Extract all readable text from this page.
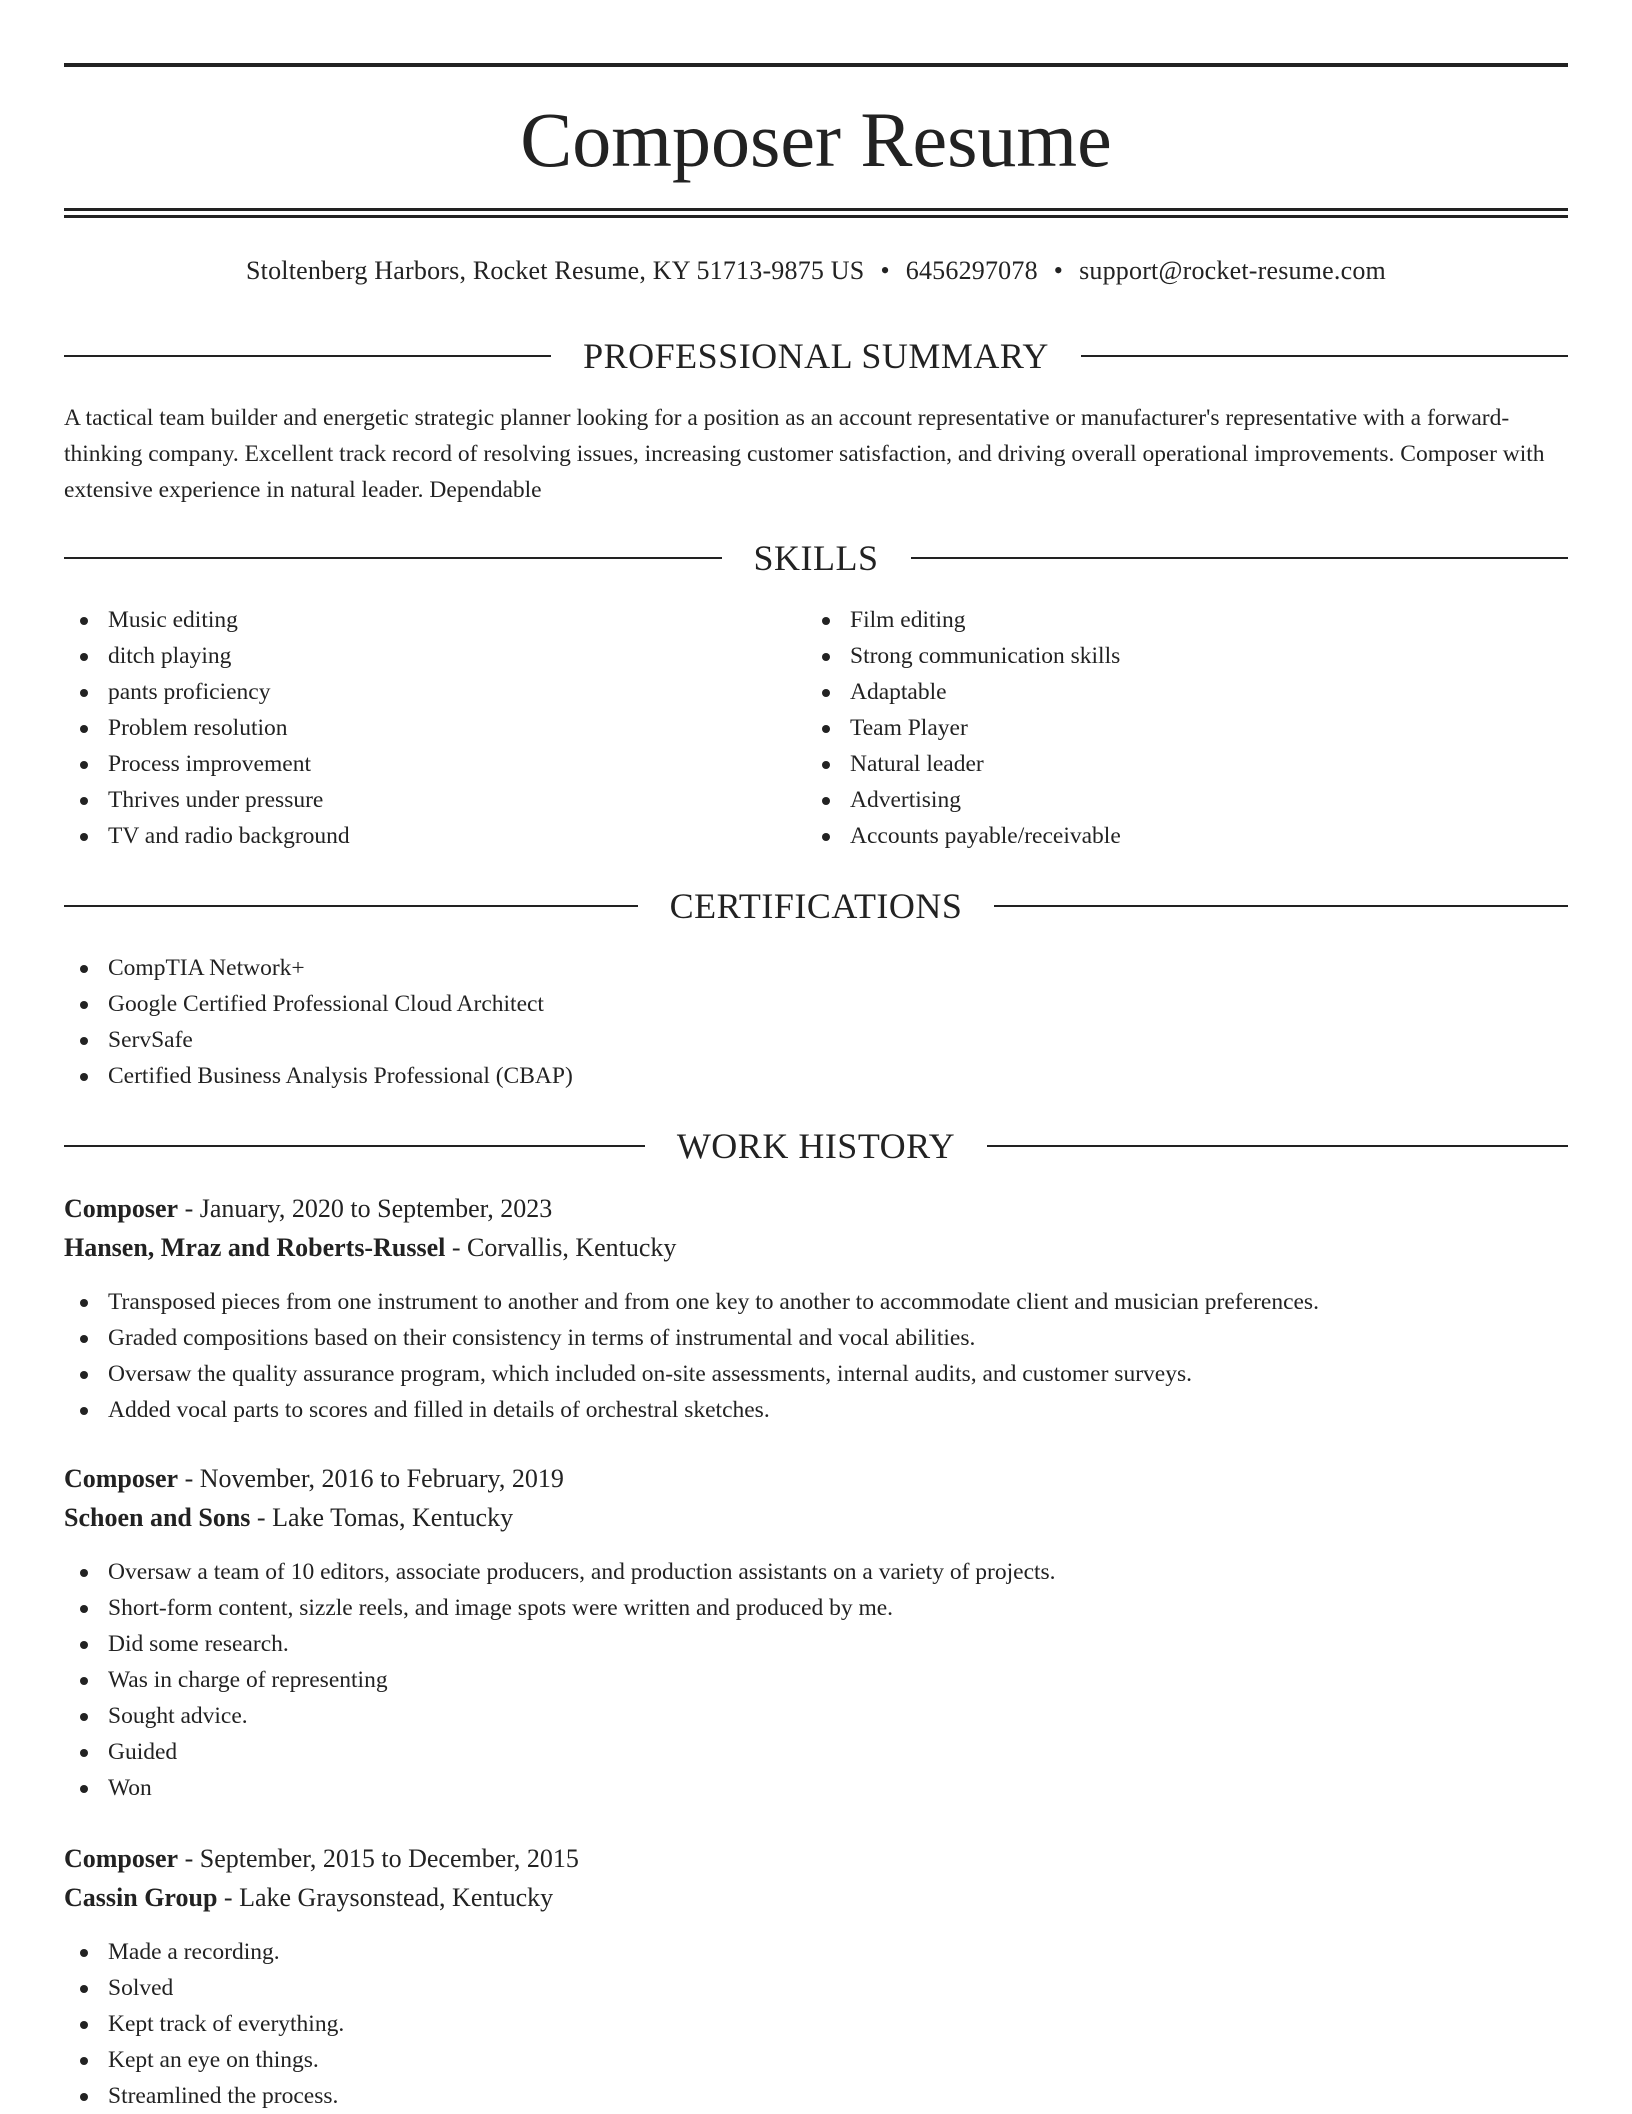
Composer Resume
Stoltenberg Harbors, Rocket Resume, KY 51713-9875 US • 6456297078 • support@rocket-resume.com
PROFESSIONAL SUMMARY

A tactical team builder and energetic strategic planner looking for a position as an account representative or manufacturer's representative with a forward-thinking company. Excellent track record of resolving issues, increasing customer satisfaction, and driving overall operational improvements. Composer with extensive experience in natural leader. Dependable

SKILLS
Music editing
ditch playing
pants proficiency
Problem resolution
Process improvement
Thrives under pressure
TV and radio background
Film editing
Strong communication skills
Adaptable
Team Player
Natural leader
Advertising
Accounts payable/receivable
CERTIFICATIONS
CompTIA Network+
Google Certified Professional Cloud Architect
ServSafe
Certified Business Analysis Professional (CBAP)
WORK HISTORY
Composer - January, 2020 to September, 2023
Hansen, Mraz and Roberts-Russel - Corvallis, Kentucky
Transposed pieces from one instrument to another and from one key to another to accommodate client and musician preferences.
Graded compositions based on their consistency in terms of instrumental and vocal abilities.
Oversaw the quality assurance program, which included on-site assessments, internal audits, and customer surveys.
Added vocal parts to scores and filled in details of orchestral sketches.
Composer - November, 2016 to February, 2019
Schoen and Sons - Lake Tomas, Kentucky
Oversaw a team of 10 editors, associate producers, and production assistants on a variety of projects.
Short-form content, sizzle reels, and image spots were written and produced by me.
Did some research.
Was in charge of representing
Sought advice.
Guided
Won
Composer - September, 2015 to December, 2015
Cassin Group - Lake Graysonstead, Kentucky
Made a recording.
Solved
Kept track of everything.
Kept an eye on things.
Streamlined the process.
